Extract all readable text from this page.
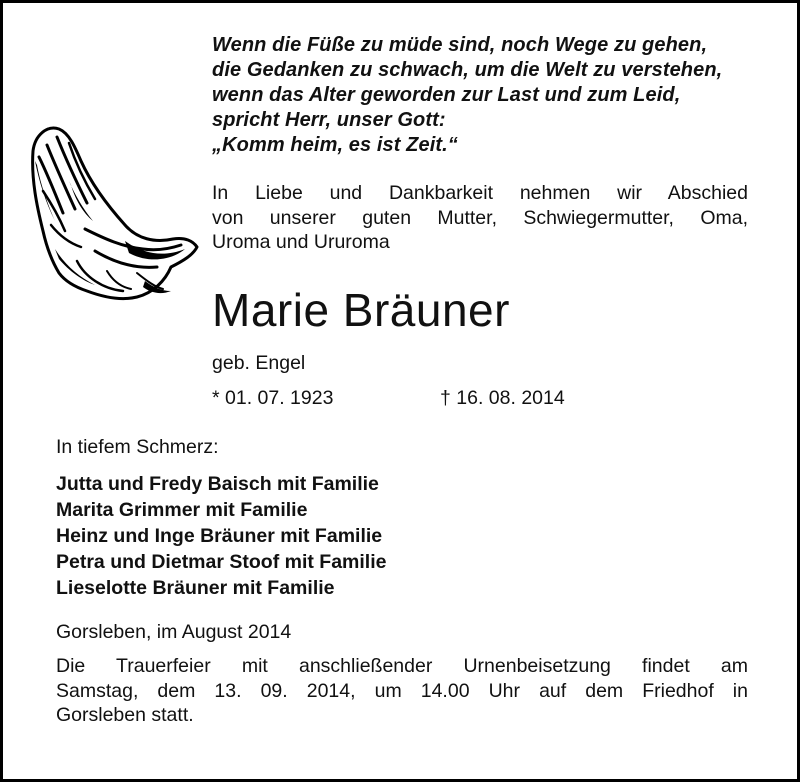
Wenn die Füße zu müde sind, noch Wege zu gehen,
die Gedanken zu schwach, um die Welt zu verstehen,
wenn das Alter geworden zur Last und zum Leid,
spricht Herr, unser Gott:
„Komm heim, es ist Zeit.“
In Liebe und Dankbarkeit nehmen wir Abschied
von unserer guten Mutter, Schwiegermutter, Oma,
Uroma und Ururoma
Marie Bräuner
geb. Engel
* 01. 07. 1923	† 16. 08. 2014
In tiefem Schmerz:
Jutta und Fredy Baisch mit Familie
Marita Grimmer mit Familie
Heinz und Inge Bräuner mit Familie
Petra und Dietmar Stoof mit Familie
Lieselotte Bräuner mit Familie
Gorsleben, im August 2014
Die Trauerfeier mit anschließender Urnenbeisetzung findet am
Samstag, dem 13. 09. 2014, um 14.00 Uhr auf dem Friedhof in
Gorsleben statt.
